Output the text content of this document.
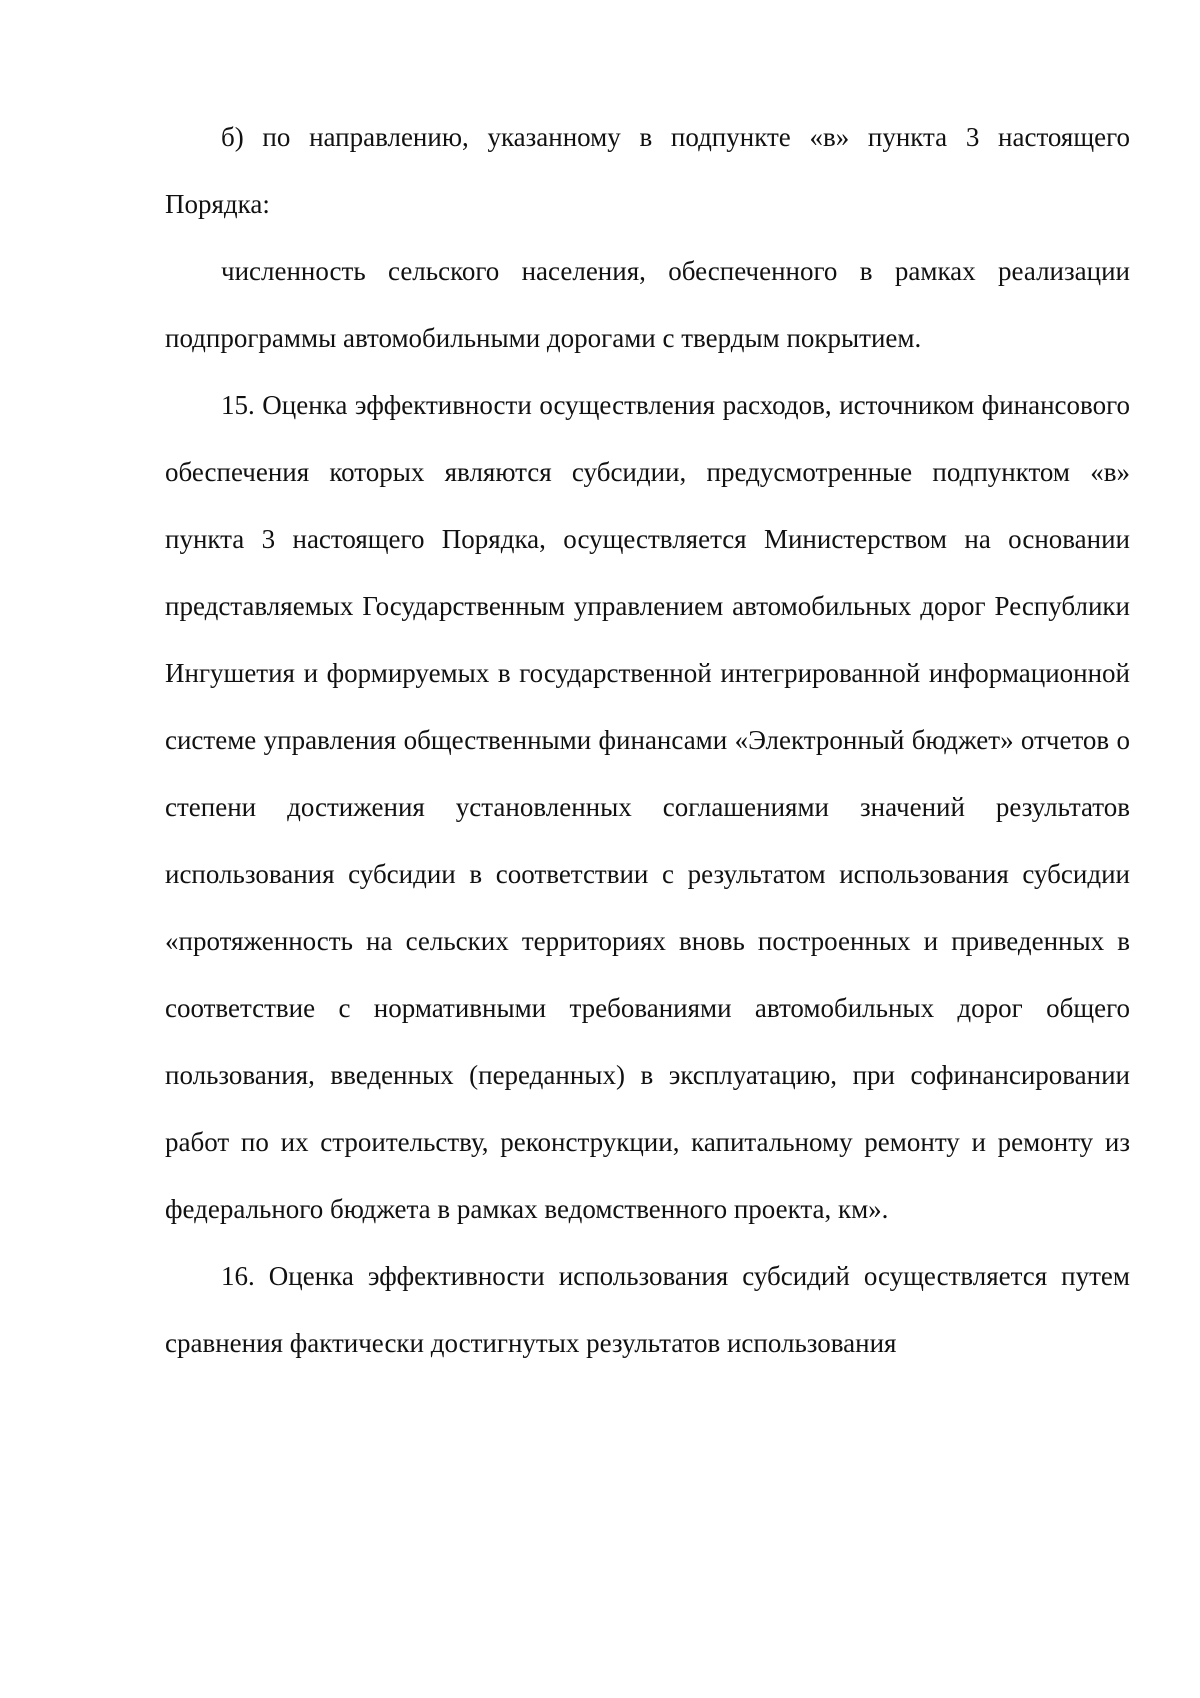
б) по направлению, указанному в подпункте «в» пункта 3 настоящего Порядка:

численность сельского населения, обеспеченного в рамках реализации подпрограммы автомобильными дорогами с твердым покрытием.

15. Оценка эффективности осуществления расходов, источником финансового обеспечения которых являются субсидии, предусмотренные подпунктом «в» пункта 3 настоящего Порядка, осуществляется Министерством на основании представляемых Государственным управлением автомобильных дорог Республики Ингушетия и формируемых в государственной интегрированной информационной системе управления общественными финансами «Электронный бюджет» отчетов о степени достижения установленных соглашениями значений результатов использования субсидии в соответствии с результатом использования субсидии «протяженность на сельских территориях вновь построенных и приведенных в соответствие с нормативными требованиями автомобильных дорог общего пользования, введенных (переданных) в эксплуатацию, при софинансировании работ по их строительству, реконструкции, капитальному ремонту и ремонту из федерального бюджета в рамках ведомственного проекта, км».

16. Оценка эффективности использования субсидий осуществляется путем сравнения фактически достигнутых результатов использования
